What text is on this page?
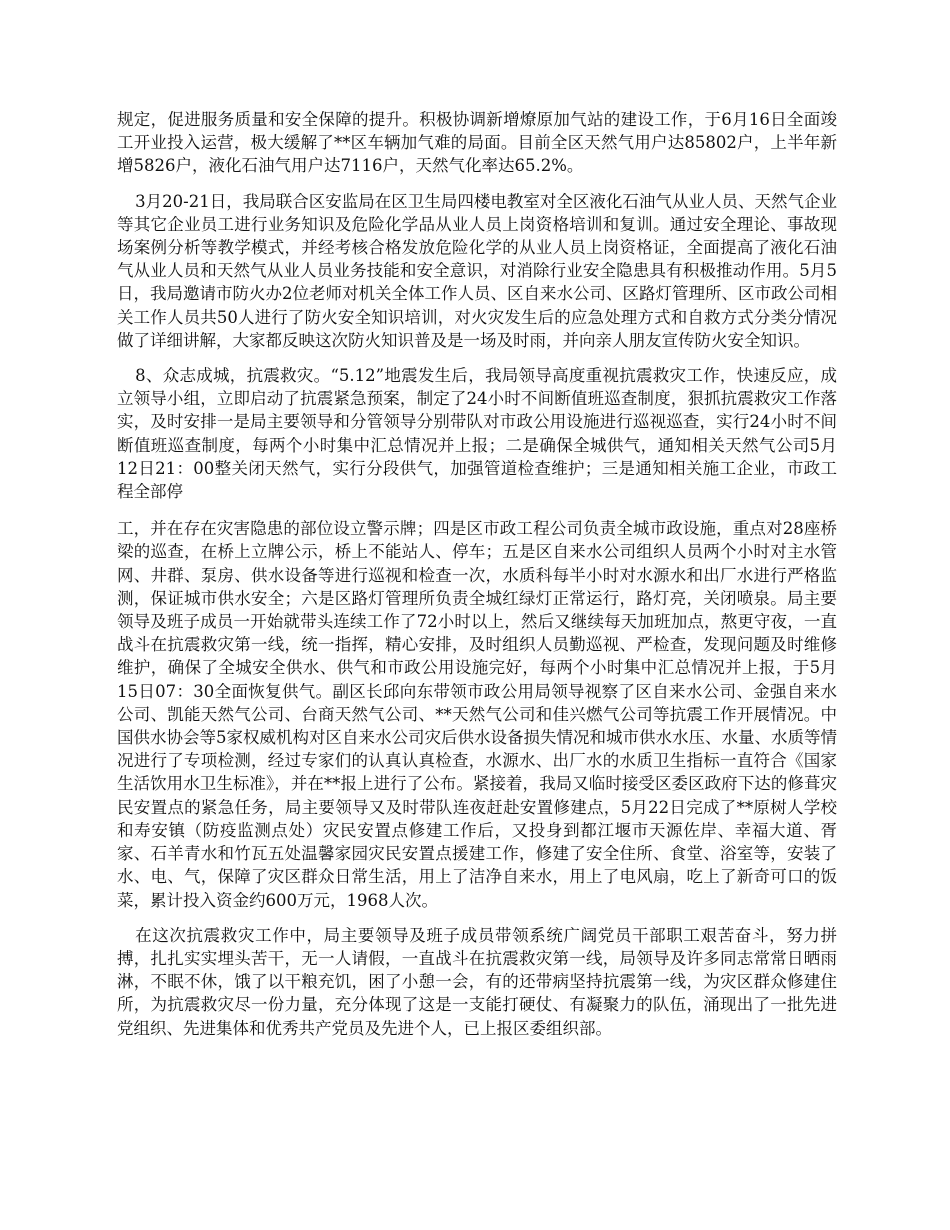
规定，促进服务质量和安全保障的提升。积极协调新增燎原加气站的建设工作，于6月16日全面竣工开业投入运营，极大缓解了**区车辆加气难的局面。目前全区天然气用户达85802户，上半年新增5826户，液化石油气用户达7116户，天然气化率达65.2%。

3月20-21日，我局联合区安监局在区卫生局四楼电教室对全区液化石油气从业人员、天然气企业等其它企业员工进行业务知识及危险化学品从业人员上岗资格培训和复训。通过安全理论、事故现场案例分析等教学模式，并经考核合格发放危险化学的从业人员上岗资格证，全面提高了液化石油气从业人员和天然气从业人员业务技能和安全意识，对消除行业安全隐患具有积极推动作用。5月5日，我局邀请市防火办2位老师对机关全体工作人员、区自来水公司、区路灯管理所、区市政公司相关工作人员共50人进行了防火安全知识培训，对火灾发生后的应急处理方式和自救方式分类分情况做了详细讲解，大家都反映这次防火知识普及是一场及时雨，并向亲人朋友宣传防火安全知识。

8、众志成城，抗震救灾。“5.12”地震发生后，我局领导高度重视抗震救灾工作，快速反应，成立领导小组，立即启动了抗震紧急预案，制定了24小时不间断值班巡查制度，狠抓抗震救灾工作落实，及时安排一是局主要领导和分管领导分别带队对市政公用设施进行巡视巡查，实行24小时不间断值班巡查制度，每两个小时集中汇总情况并上报；二是确保全城供气，通知相关天然气公司5月12日21：00整关闭天然气，实行分段供气，加强管道检查维护；三是通知相关施工企业，市政工程全部停

工，并在存在灾害隐患的部位设立警示牌；四是区市政工程公司负责全城市政设施，重点对28座桥梁的巡查，在桥上立牌公示，桥上不能站人、停车；五是区自来水公司组织人员两个小时对主水管网、井群、泵房、供水设备等进行巡视和检查一次，水质科每半小时对水源水和出厂水进行严格监测，保证城市供水安全；六是区路灯管理所负责全城红绿灯正常运行，路灯亮，关闭喷泉。局主要领导及班子成员一开始就带头连续工作了72小时以上，然后又继续每天加班加点，熬更守夜，一直战斗在抗震救灾第一线，统一指挥，精心安排，及时组织人员勤巡视、严检查，发现问题及时维修维护，确保了全城安全供水、供气和市政公用设施完好，每两个小时集中汇总情况并上报，于5月15日07：30全面恢复供气。副区长邱向东带领市政公用局领导视察了区自来水公司、金强自来水公司、凯能天然气公司、台商天然气公司、**天然气公司和佳兴燃气公司等抗震工作开展情况。中国供水协会等5家权威机构对区自来水公司灾后供水设备损失情况和城市供水水压、水量、水质等情况进行了专项检测，经过专家们的认真认真检查，水源水、出厂水的水质卫生指标一直符合《国家生活饮用水卫生标准》，并在**报上进行了公布。紧接着，我局又临时接受区委区政府下达的修葺灾民安置点的紧急任务，局主要领导又及时带队连夜赶赴安置修建点，5月22日完成了**原树人学校和寿安镇（防疫监测点处）灾民安置点修建工作后，又投身到都江堰市天源佐岸、幸福大道、胥家、石羊青水和竹瓦五处温馨家园灾民安置点援建工作，修建了安全住所、食堂、浴室等，安装了水、电、气，保障了灾区群众日常生活，用上了洁净自来水，用上了电风扇，吃上了新奇可口的饭菜，累计投入资金约600万元，1968人次。

在这次抗震救灾工作中，局主要领导及班子成员带领系统广阔党员干部职工艰苦奋斗，努力拼搏，扎扎实实埋头苦干，无一人请假，一直战斗在抗震救灾第一线，局领导及许多同志常常日晒雨淋，不眠不休，饿了以干粮充饥，困了小憩一会，有的还带病坚持抗震第一线，为灾区群众修建住所，为抗震救灾尽一份力量，充分体现了这是一支能打硬仗、有凝聚力的队伍，涌现出了一批先进党组织、先进集体和优秀共产党员及先进个人，已上报区委组织部。
